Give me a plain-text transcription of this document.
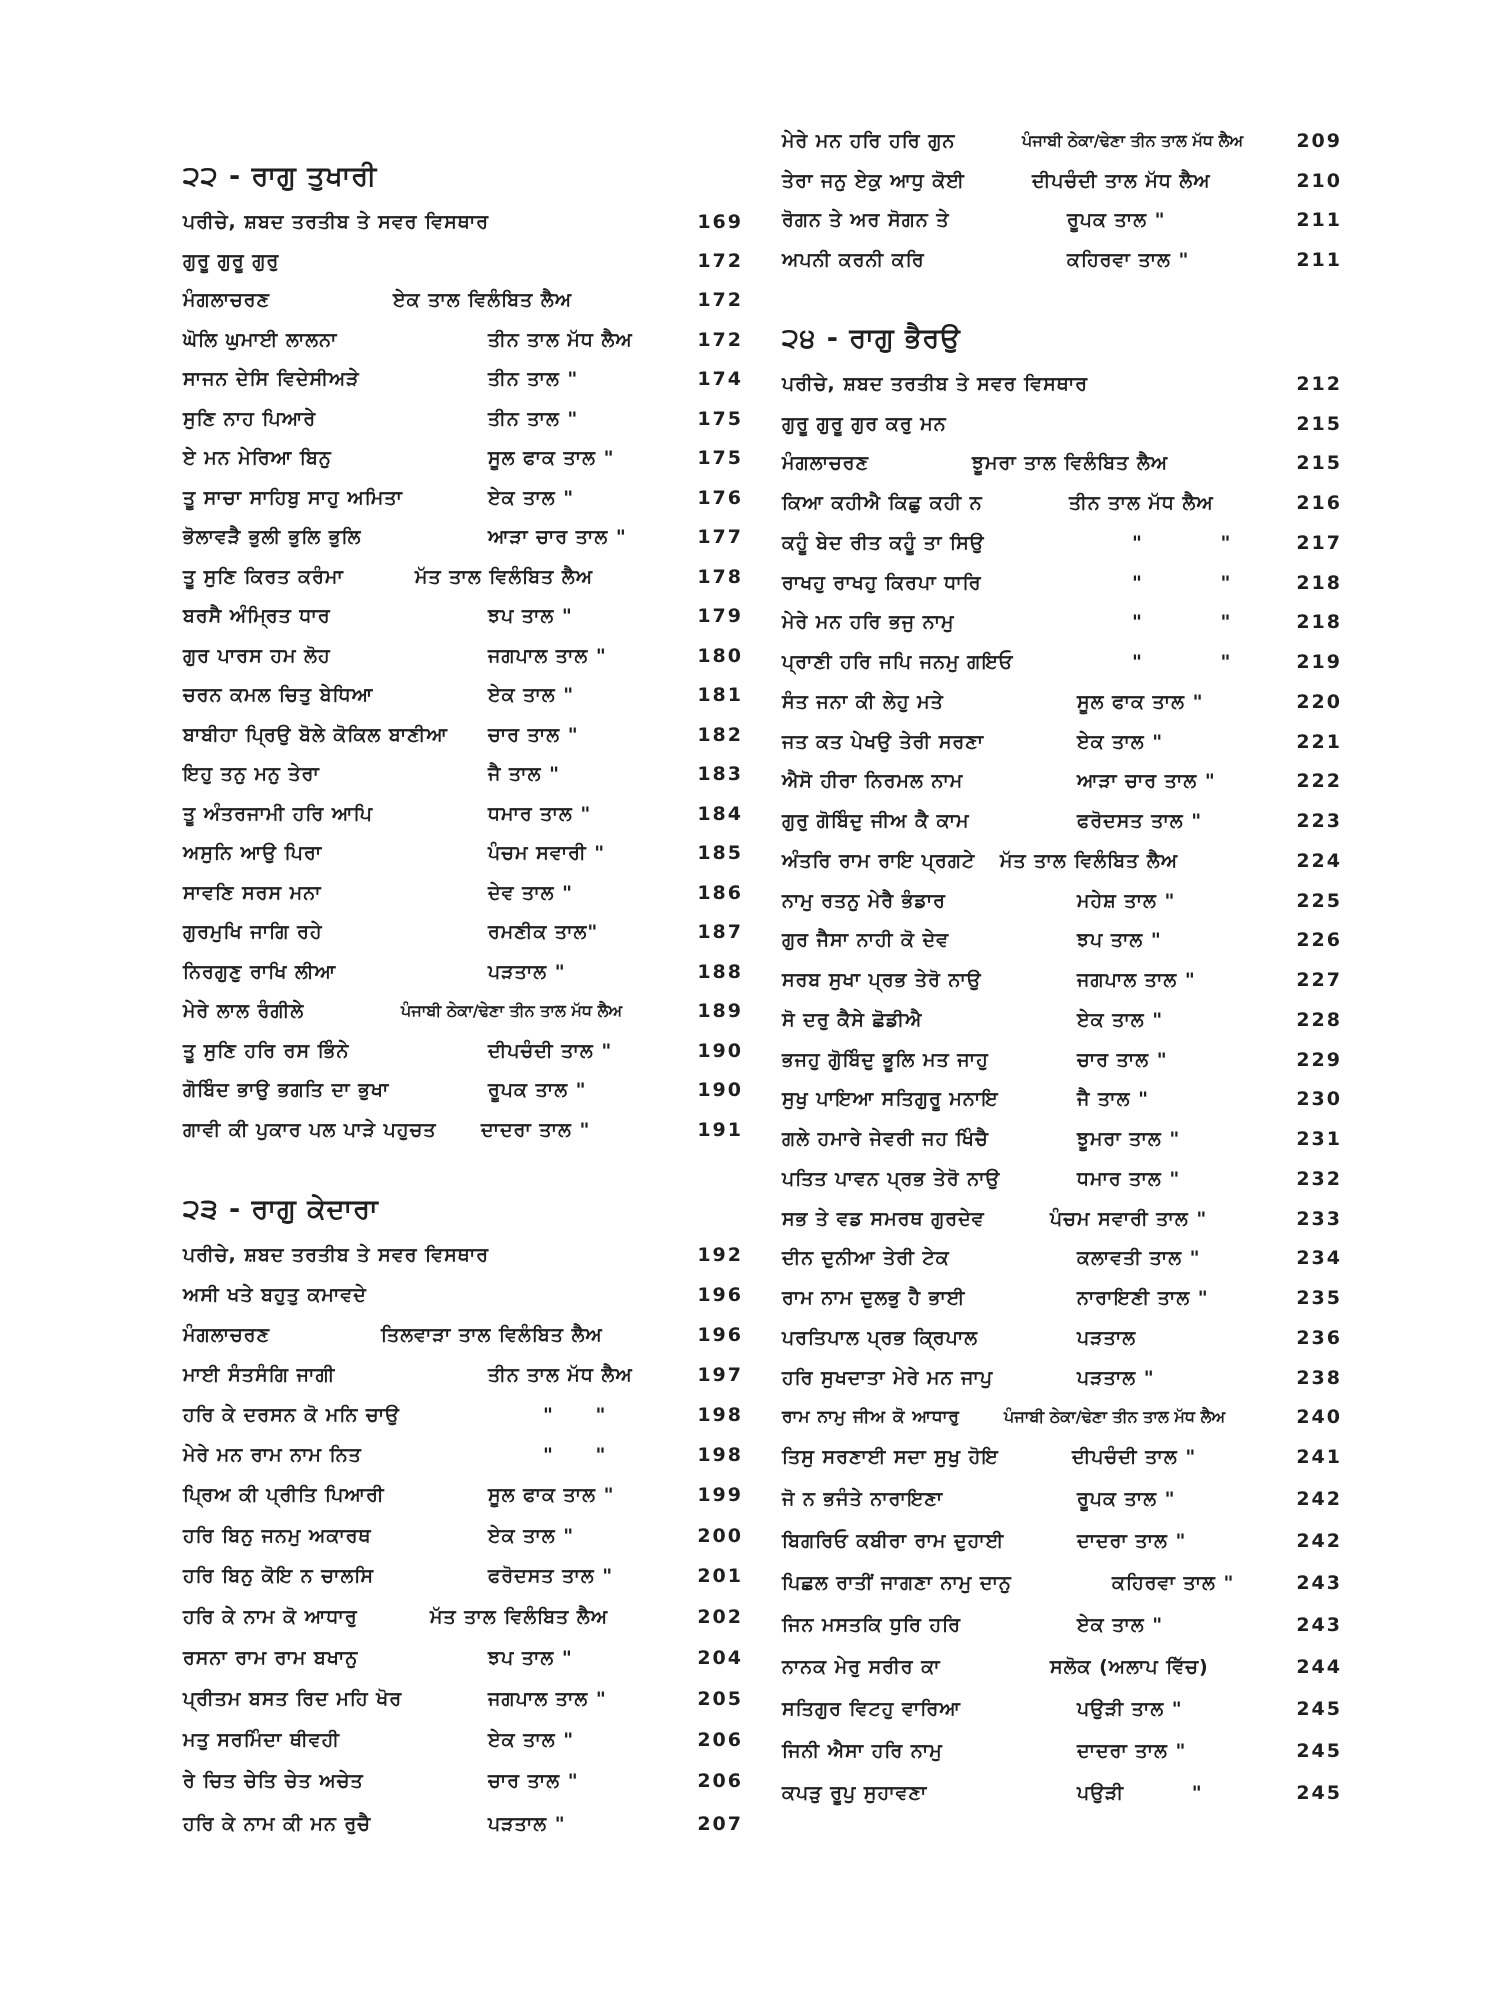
੨੨ - ਰਾਗੁ ਤੁਖਾਰੀ
ਪਰੀਚੇ, ਸ਼ਬਦ ਤਰਤੀਬ ਤੇ ਸਵਰ ਵਿਸਥਾਰ	169
ਗੁਰੂ ਗੁਰੂ ਗੁਰੁ	172
ਮੰਗਲਾਚਰਣ	ਏਕ ਤਾਲ ਵਿਲੰਬਿਤ ਲੈਅ	172
ਘੋਲਿ ਘੁਮਾਈ ਲਾਲਨਾ	ਤੀਨ ਤਾਲ ਮੱਧ ਲੈਅ	172
ਸਾਜਨ ਦੇਸਿ ਵਿਦੇਸੀਅੜੇ	ਤੀਨ ਤਾਲ "	174
ਸੁਣਿ ਨਾਹ ਪਿਆਰੇ	ਤੀਨ ਤਾਲ "	175
ਏ ਮਨ ਮੇਰਿਆ ਬਿਨੁ	ਸੂਲ ਫਾਕ ਤਾਲ "	175
ਤੂ ਸਾਚਾ ਸਾਹਿਬੁ ਸਾਹੁ ਅਮਿਤਾ	ਏਕ ਤਾਲ "	176
ਭੋਲਾਵੜੈ ਭੁਲੀ ਭੁਲਿ ਭੁਲਿ	ਆੜਾ ਚਾਰ ਤਾਲ "	177
ਤੂ ਸੁਣਿ ਕਿਰਤ ਕਰੰਮਾ	ਮੱਤ ਤਾਲ ਵਿਲੰਬਿਤ ਲੈਅ	178
ਬਰਸੈ ਅੰਮ੍ਰਿਤ ਧਾਰ	ਝਪ ਤਾਲ "	179
ਗੁਰ ਪਾਰਸ ਹਮ ਲੋਹ	ਜਗਪਾਲ ਤਾਲ "	180
ਚਰਨ ਕਮਲ ਚਿਤੁ ਬੇਧਿਆ	ਏਕ ਤਾਲ "	181
ਬਾਬੀਹਾ ਪ੍ਰਿਉ ਬੋਲੇ ਕੋਕਿਲ ਬਾਣੀਆ ਚਾਰ ਤਾਲ "	182
ਇਹੁ ਤਨੁ ਮਨੁ ਤੇਰਾ	ਜੈ ਤਾਲ "	183
ਤੂ ਅੰਤਰਜਾਮੀ ਹਰਿ ਆਪਿ	ਧਮਾਰ ਤਾਲ "	184
ਅਸੁਨਿ ਆਉ ਪਿਰਾ	ਪੰਚਮ ਸਵਾਰੀ "	185
ਸਾਵਣਿ ਸਰਸ ਮਨਾ	ਦੇਵ ਤਾਲ "	186
ਗੁਰਮੁਖਿ ਜਾਗਿ ਰਹੇ	ਰਮਣੀਕ ਤਾਲ"	187
ਨਿਰਗੁਣੁ ਰਾਖਿ ਲੀਆ	ਪੜਤਾਲ "	188
ਮੇਰੇ ਲਾਲ ਰੰਗੀਲੇ	ਪੰਜਾਬੀ ਠੇਕਾ/ਢੇਣਾ ਤੀਨ ਤਾਲ ਮੱਧ ਲੈਅ	189
ਤੂ ਸੁਣਿ ਹਰਿ ਰਸ ਭਿੰਨੇ	ਦੀਪਚੰਦੀ ਤਾਲ "	190
ਗੋਬਿੰਦ ਭਾਉ ਭਗਤਿ ਦਾ ਭੁਖਾ	ਰੂਪਕ ਤਾਲ "	190
ਗਾਵੀ ਕੀ ਪੁਕਾਰ ਪਲ ਪਾੜੇ ਪਹੁਚਤ ਦਾਦਰਾ ਤਾਲ "	191
੨੩ - ਰਾਗੁ ਕੇਦਾਰਾ
ਪਰੀਚੇ, ਸ਼ਬਦ ਤਰਤੀਬ ਤੇ ਸਵਰ ਵਿਸਥਾਰ	192
ਅਸੀ ਖਤੇ ਬਹੁਤੁ ਕਮਾਵਦੇ	196
ਮੰਗਲਾਚਰਣ	ਤਿਲਵਾੜਾ ਤਾਲ ਵਿਲੰਬਿਤ ਲੈਅ	196
ਮਾਈ ਸੰਤਸੰਗਿ ਜਾਗੀ	ਤੀਨ ਤਾਲ ਮੱਧ ਲੈਅ	197
ਹਰਿ ਕੇ ਦਰਸਨ ਕੋ ਮਨਿ ਚਾਉ	" "	198
ਮੇਰੇ ਮਨ ਰਾਮ ਨਾਮ ਨਿਤ	" "	198
ਪ੍ਰਿਅ ਕੀ ਪ੍ਰੀਤਿ ਪਿਆਰੀ	ਸੂਲ ਫਾਕ ਤਾਲ "	199
ਹਰਿ ਬਿਨੁ ਜਨਮੁ ਅਕਾਰਥ	ਏਕ ਤਾਲ "	200
ਹਰਿ ਬਿਨੁ ਕੋਇ ਨ ਚਾਲਸਿ	ਫਰੋਦਸਤ ਤਾਲ "	201
ਹਰਿ ਕੇ ਨਾਮ ਕੋ ਆਧਾਰੁ	ਮੱਤ ਤਾਲ ਵਿਲੰਬਿਤ ਲੈਅ	202
ਰਸਨਾ ਰਾਮ ਰਾਮ ਬਖਾਨੁ	ਝਪ ਤਾਲ "	204
ਪ੍ਰੀਤਮ ਬਸਤ ਰਿਦ ਮਹਿ ਖੋਰ	ਜਗਪਾਲ ਤਾਲ "	205
ਮਤੁ ਸਰਮਿੰਦਾ ਥੀਵਹੀ	ਏਕ ਤਾਲ "	206
ਰੇ ਚਿਤ ਚੇਤਿ ਚੇਤ ਅਚੇਤ	ਚਾਰ ਤਾਲ "	206
ਹਰਿ ਕੇ ਨਾਮ ਕੀ ਮਨ ਰੁਚੈ	ਪੜਤਾਲ "	207
ਮੇਰੇ ਮਨ ਹਰਿ ਹਰਿ ਗੁਨ	ਪੰਜਾਬੀ ਠੇਕਾ/ਢੇਣਾ ਤੀਨ ਤਾਲ ਮੱਧ ਲੈਅ	209
ਤੇਰਾ ਜਨੁ ਏਕੁ ਆਧੁ ਕੋਈ	ਦੀਪਚੰਦੀ ਤਾਲ ਮੱਧ ਲੈਅ	210
ਰੋਗਨ ਤੇ ਅਰ ਸੋਗਨ ਤੇ	ਰੂਪਕ ਤਾਲ "	211
ਅਪਨੀ ਕਰਨੀ ਕਰਿ	ਕਹਿਰਵਾ ਤਾਲ "	211
੨੪ - ਰਾਗੁ ਭੈਰਉ
ਪਰੀਚੇ, ਸ਼ਬਦ ਤਰਤੀਬ ਤੇ ਸਵਰ ਵਿਸਥਾਰ	212
ਗੁਰੂ ਗੁਰੂ ਗੁਰ ਕਰੁ ਮਨ	215
ਮੰਗਲਾਚਰਣ	ਝੂਮਰਾ ਤਾਲ ਵਿਲੰਬਿਤ ਲੈਅ	215
ਕਿਆ ਕਹੀਐ ਕਿਛੁ ਕਹੀ ਨ	ਤੀਨ ਤਾਲ ਮੱਧ ਲੈਅ	216
ਕਹੂੰ ਬੇਦ ਰੀਤ ਕਹੂੰ ਤਾ ਸਿਉ	" "	217
ਰਾਖਹੁ ਰਾਖਹੁ ਕਿਰਪਾ ਧਾਰਿ	" "	218
ਮੇਰੇ ਮਨ ਹਰਿ ਭਜੁ ਨਾਮੁ	" "	218
ਪ੍ਰਾਣੀ ਹਰਿ ਜਪਿ ਜਨਮੁ ਗਇਓ	" "	219
ਸੰਤ ਜਨਾ ਕੀ ਲੇਹੁ ਮਤੇ	ਸੂਲ ਫਾਕ ਤਾਲ "	220
ਜਤ ਕਤ ਪੇਖਉ ਤੇਰੀ ਸਰਣਾ	ਏਕ ਤਾਲ "	221
ਐਸੋ ਹੀਰਾ ਨਿਰਮਲ ਨਾਮ	ਆੜਾ ਚਾਰ ਤਾਲ "	222
ਗੁਰੁ ਗੋਬਿੰਦੁ ਜੀਅ ਕੈ ਕਾਮ	ਫਰੋਦਸਤ ਤਾਲ "	223
ਅੰਤਰਿ ਰਾਮ ਰਾਇ ਪ੍ਰਗਟੇ ਮੱਤ ਤਾਲ ਵਿਲੰਬਿਤ ਲੈਅ	224
ਨਾਮੁ ਰਤਨੁ ਮੇਰੈ ਭੰਡਾਰ	ਮਹੇਸ਼ ਤਾਲ "	225
ਗੁਰ ਜੈਸਾ ਨਾਹੀ ਕੋ ਦੇਵ	ਝਪ ਤਾਲ "	226
ਸਰਬ ਸੁਖਾ ਪ੍ਰਭ ਤੇਰੋ ਨਾਉ	ਜਗਪਾਲ ਤਾਲ "	227
ਸੋ ਦਰੁ ਕੈਸੇ ਛੋਡੀਐ	ਏਕ ਤਾਲ "	228
ਭਜਹੁ ਗੋੁਬਿੰਦੁ ਭੂਲਿ ਮਤ ਜਾਹੁ	ਚਾਰ ਤਾਲ "	229
ਸੁਖੁ ਪਾਇਆ ਸਤਿਗੁਰੂ ਮਨਾਇ	ਜੈ ਤਾਲ "	230
ਗਲੇ ਹਮਾਰੇ ਜੇਵਰੀ ਜਹ ਖਿੰਚੈ	ਝੂਮਰਾ ਤਾਲ "	231
ਪਤਿਤ ਪਾਵਨ ਪ੍ਰਭ ਤੇਰੋ ਨਾਉ	ਧਮਾਰ ਤਾਲ "	232
ਸਭ ਤੇ ਵਡ ਸਮਰਥ ਗੁਰਦੇਵ	ਪੰਚਮ ਸਵਾਰੀ ਤਾਲ "	233
ਦੀਨ ਦੁਨੀਆ ਤੇਰੀ ਟੇਕ	ਕਲਾਵਤੀ ਤਾਲ "	234
ਰਾਮ ਨਾਮ ਦੁਲਭੁ ਹੈ ਭਾਈ	ਨਾਰਾਇਣੀ ਤਾਲ "	235
ਪਰਤਿਪਾਲ ਪ੍ਰਭ ਕ੍ਰਿਪਾਲ	ਪੜਤਾਲ	236
ਹਰਿ ਸੁਖਦਾਤਾ ਮੇਰੇ ਮਨ ਜਾਪੁ	ਪੜਤਾਲ "	238
ਰਾਮ ਨਾਮੁ ਜੀਅ ਕੋ ਆਧਾਰੁ	ਪੰਜਾਬੀ ਠੇਕਾ/ਢੇਣਾ ਤੀਨ ਤਾਲ ਮੱਧ ਲੈਅ	240
ਤਿਸੁ ਸਰਣਾਈ ਸਦਾ ਸੁਖੁ ਹੋਇ	ਦੀਪਚੰਦੀ ਤਾਲ "	241
ਜੋ ਨ ਭਜੰਤੇ ਨਾਰਾਇਣਾ	ਰੂਪਕ ਤਾਲ "	242
ਬਿਗਰਿਓ ਕਬੀਰਾ ਰਾਮ ਦੁਹਾਈ	ਦਾਦਰਾ ਤਾਲ "	242
ਪਿਛਲ ਰਾਤੀਂ ਜਾਗਣਾ ਨਾਮੁ ਦਾਨੁ	ਕਹਿਰਵਾ ਤਾਲ "	243
ਜਿਨ ਮਸਤਕਿ ਧੁਰਿ ਹਰਿ	ਏਕ ਤਾਲ "	243
ਨਾਨਕ ਮੇਰੁ ਸਰੀਰ ਕਾ	ਸਲੋਕ (ਅਲਾਪ ਵਿੱਚ)	244
ਸਤਿਗੁਰ ਵਿਟਹੁ ਵਾਰਿਆ	ਪਉੜੀ ਤਾਲ "	245
ਜਿਨੀ ਐਸਾ ਹਰਿ ਨਾਮੁ	ਦਾਦਰਾ ਤਾਲ "	245
ਕਪੜੁ ਰੂਪੁ ਸੁਹਾਵਣਾ	ਪਉੜੀ "	245
